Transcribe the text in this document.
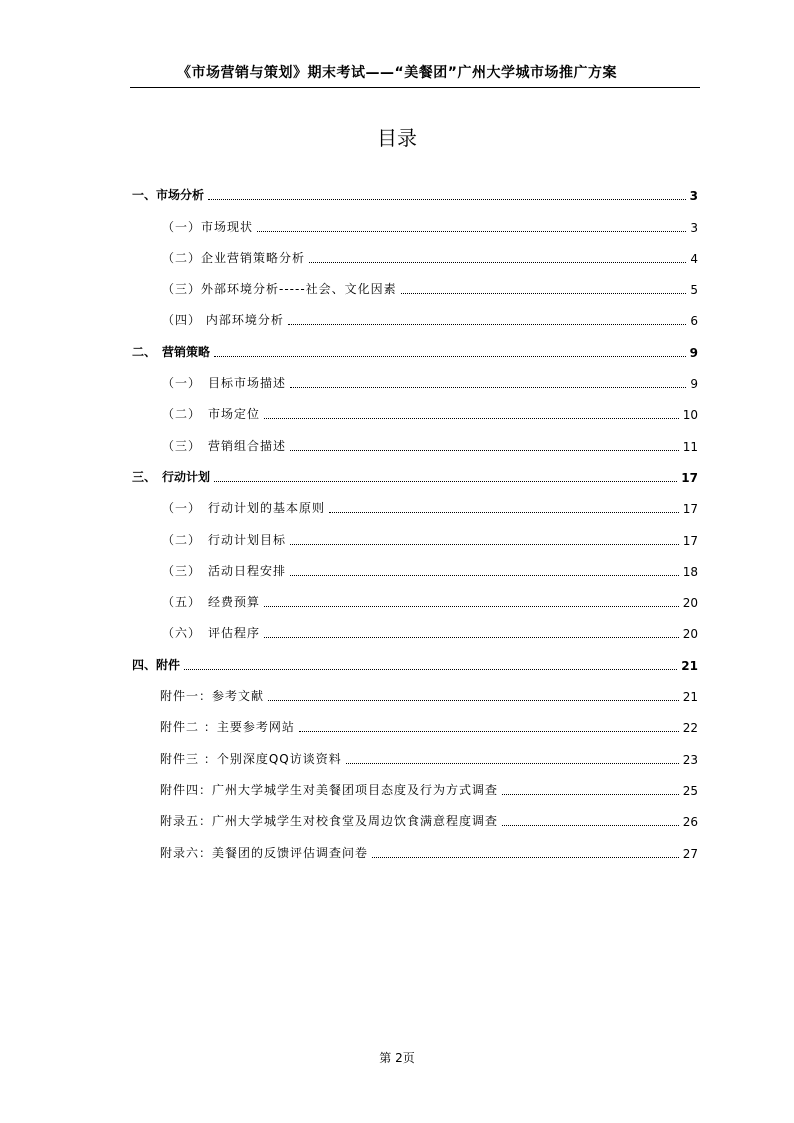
《市场营销与策划》期末考试——“美餐团”广州大学城市场推广方案
目录
一、市场分析	3
（一）市场现状	3
（二）企业营销策略分析	4
（三）外部环境分析-----社会、文化因素	5
（四） 内部环境分析	6
二、　营销策略	9
（一）　目标市场描述	9
（二）　市场定位	10
（三）　营销组合描述	11
三、　行动计划	17
（一）　行动计划的基本原则	17
（二）　行动计划目标	17
（三）　活动日程安排	18
（五）　经费预算	20
（六）　评估程序	20
四、附件	21
附件一：参考文献	21
附件二 ：主要参考网站	22
附件三 ：个别深度QQ访谈资料	23
附件四：广州大学城学生对美餐团项目态度及行为方式调查	25
附录五：广州大学城学生对校食堂及周边饮食满意程度调查	26
附录六：美餐团的反馈评估调查问卷	27
第 2页
